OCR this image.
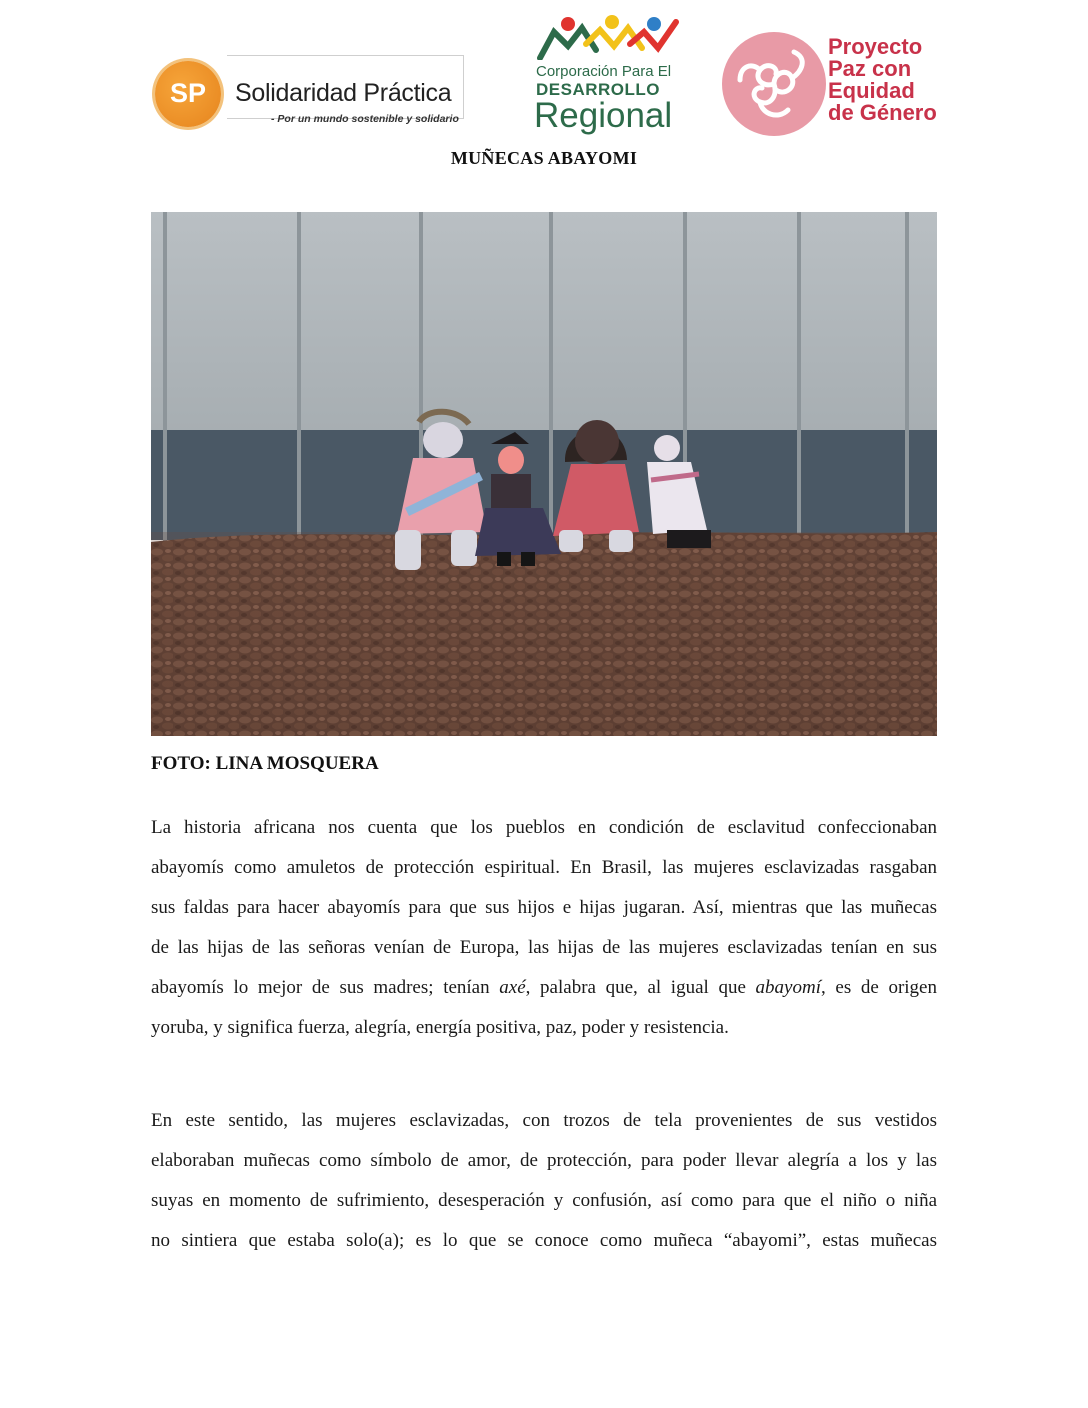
SP	Solidaridad Práctica
- Por un mundo sostenible y solidario
Corporación Para El
DESARROLLO
Regional
Proyecto
Paz con
Equidad
de Género
MUÑECAS ABAYOMI
FOTO: LINA MOSQUERA
La historia africana nos cuenta que los pueblos en condición de esclavitud confeccionaban
abayomís como amuletos de protección espiritual. En Brasil, las mujeres esclavizadas rasgaban
sus faldas para hacer abayomís para que sus hijos e hijas jugaran. Así, mientras que las muñecas
de las hijas de las señoras venían de Europa, las hijas de las mujeres esclavizadas tenían en sus
abayomís lo mejor de sus madres; tenían axé, palabra que, al igual que abayomí, es de origen
yoruba, y significa fuerza, alegría, energía positiva, paz, poder y resistencia.
En este sentido, las mujeres esclavizadas, con trozos de tela provenientes de sus vestidos
elaboraban muñecas como símbolo de amor, de protección, para poder llevar alegría a los y las
suyas en momento de sufrimiento, desesperación y confusión, así como para que el niño o niña
no sintiera que estaba solo(a); es lo que se conoce como muñeca “abayomi”, estas muñecas
